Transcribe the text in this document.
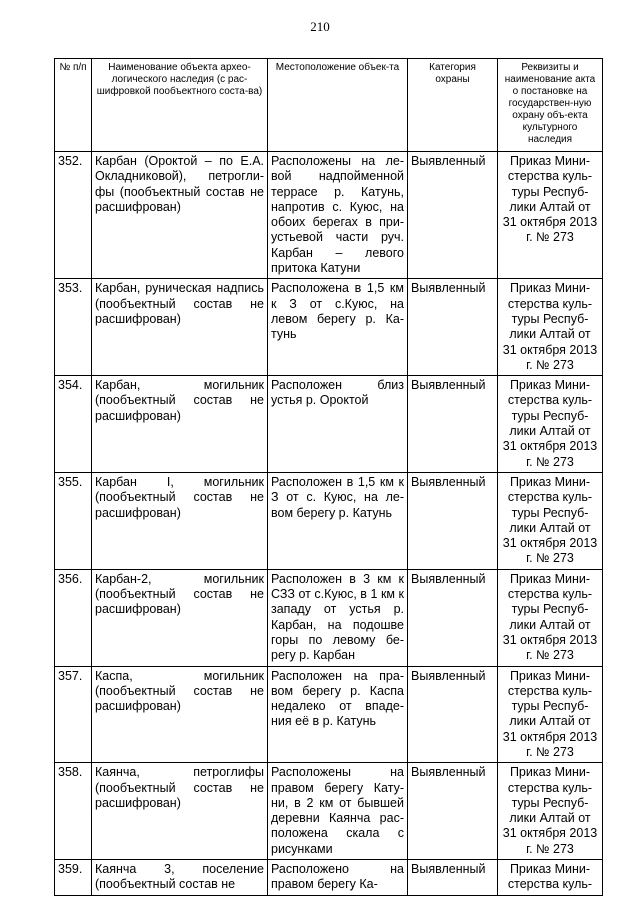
210
№ п/п	Наименование объекта архео-логического наследия (с рас-шифровкой пообъектного соста-ва)	Местоположение объек-та	Категория охраны	Реквизиты и наименование акта о постановке на государствен-ную охрану объ-екта культурного наследия
352.	Карбан (Ороктой – по Е.А. Окладниковой), петрогли-фы (пообъектный состав не расшифрован)	Расположены на ле-вой надпойменной террасе р. Катунь, напротив с. Куюс, на обоих берегах в при-устьевой части руч. Карбан – левого притока Катуни	Выявленный	Приказ Мини-стерства куль-туры Респуб-лики Алтай от 31 октября 2013 г. № 273
353.	Карбан, руническая надпись (пообъектный состав не расшифрован)	Расположена в 1,5 км к З от с.Куюс, на левом берегу р. Ка-тунь	Выявленный	Приказ Мини-стерства куль-туры Респуб-лики Алтай от 31 октября 2013 г. № 273
354.	Карбан, могильник (пообъектный состав не расшифрован)	Расположен близ устья р. Ороктой	Выявленный	Приказ Мини-стерства куль-туры Респуб-лики Алтай от 31 октября 2013 г. № 273
355.	Карбан I, могильник (пообъектный состав не расшифрован)	Расположен в 1,5 км к З от с. Куюс, на ле-вом берегу р. Катунь	Выявленный	Приказ Мини-стерства куль-туры Респуб-лики Алтай от 31 октября 2013 г. № 273
356.	Карбан-2, могильник (пообъектный состав не расшифрован)	Расположен в 3 км к СЗЗ от с.Куюс, в 1 км к западу от устья р. Карбан, на подошве горы по левому бе-регу р. Карбан	Выявленный	Приказ Мини-стерства куль-туры Респуб-лики Алтай от 31 октября 2013 г. № 273
357.	Каспа, могильник (пообъектный состав не расшифрован)	Расположен на пра-вом берегу р. Каспа недалеко от впаде-ния её в р. Катунь	Выявленный	Приказ Мини-стерства куль-туры Респуб-лики Алтай от 31 октября 2013 г. № 273
358.	Каянча, петроглифы (пообъектный состав не расшифрован)	Расположены на правом берегу Кату-ни, в 2 км от бывшей деревни Каянча рас-положена скала с рисунками	Выявленный	Приказ Мини-стерства куль-туры Респуб-лики Алтай от 31 октября 2013 г. № 273
359.	Каянча 3, поселение (пообъектный состав не	Расположено на правом берегу Ка-	Выявленный	Приказ Мини-стерства куль-
